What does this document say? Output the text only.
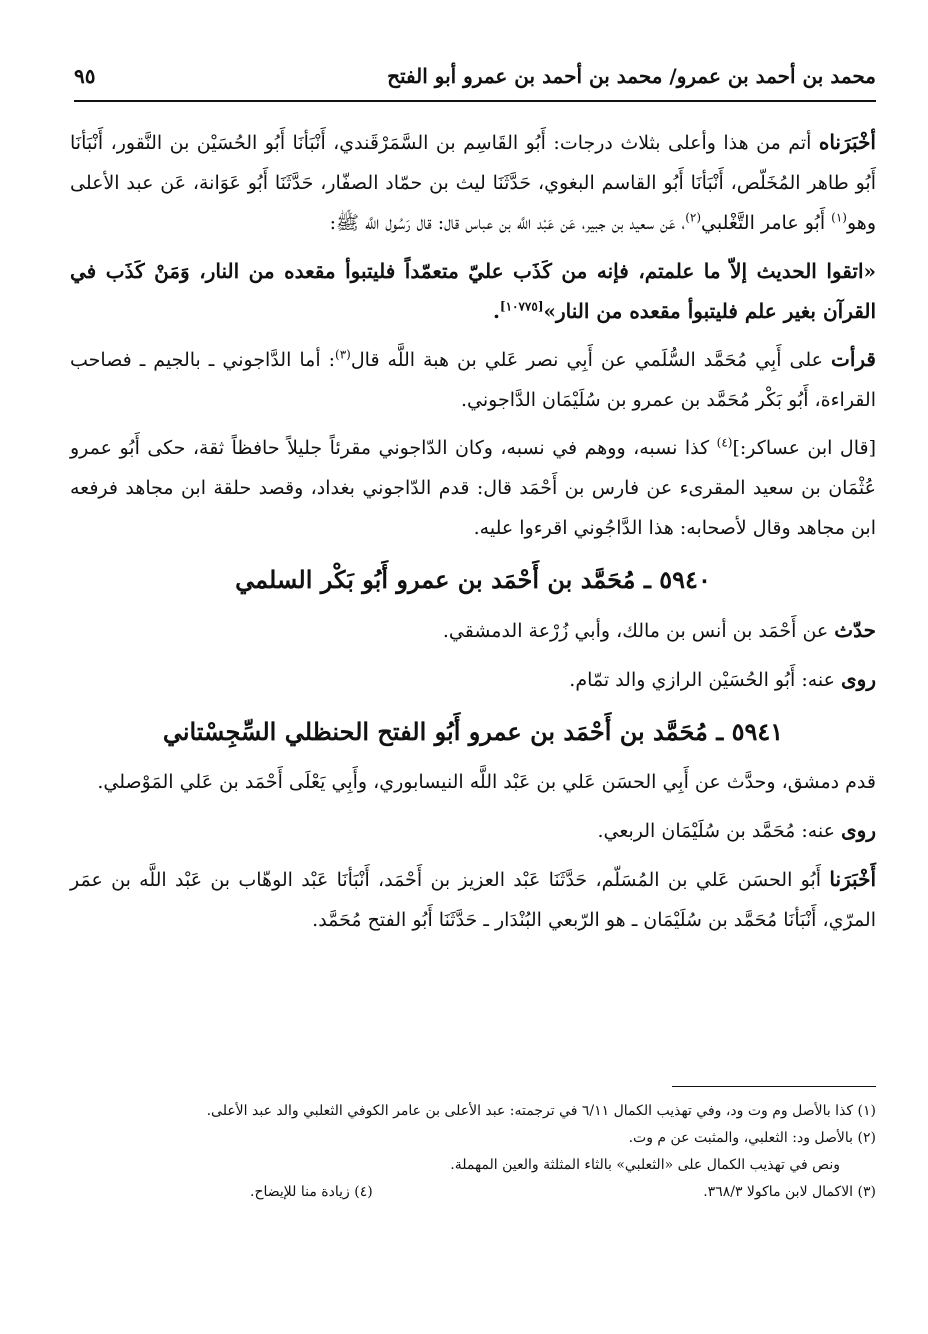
محمد بن أحمد بن عمرو/ محمد بن أحمد بن عمرو أبو الفتح
٩٥

أخْبَرَناه أتم من هذا وأعلى بثلاث درجات: أَبُو القَاسِم بن السَّمَرْقَندي، أَنْبَأنَا أَبُو الحُسَيْن بن النَّقور، أَنْبَأنَا أَبُو طاهر المُخَلّص، أَنْبَأنَا أَبُو القاسم البغوي، حَدَّثَنَا ليث بن حمّاد الصفّار، حَدَّثَنَا أَبُو عَوَانة، عَن عبد الأعلى وهو$^{(١)}$ أَبُو عامر التَّغْلبي$^{(٢)}$، عَن سعيد بن جبير، عَن عَبْد اللَّه بن عباس قال: قال رَسُول اللَّه ﷺ:

«اتقوا الحديث إلاّ ما علمتم، فإنه من كَذَب عليّ متعمّداً فليتبوأ مقعده من النار، وَمَنْ كَذَب في القرآن بغير علم فليتبوأ مقعده من النار»[١٠٧٧٥].

قرأت على أَبِي مُحَمَّد السُّلَمي عن أَبِي نصر عَلي بن هبة اللَّه قال$^{(٣)}$: أما الدَّاجوني ـ بالجيم ـ فصاحب القراءة، أَبُو بَكْر مُحَمَّد بن عمرو بن سُلَيْمَان الدَّاجوني.

[قال ابن عساكر:]$^{(٤)}$ كذا نسبه، ووهم في نسبه، وكان الدّاجوني مقرئاً جليلاً حافظاً ثقة، حكى أَبُو عمرو عُثْمَان بن سعيد المقرىء عن فارس بن أَحْمَد قال: قدم الدّاجوني بغداد، وقصد حلقة ابن مجاهد فرفعه ابن مجاهد وقال لأصحابه: هذا الدَّاجُوني اقرءوا عليه.

٥٩٤٠ ـ مُحَمَّد بن أَحْمَد بن عمرو أَبُو بَكْر السلمي

حدّث عن أَحْمَد بن أنس بن مالك، وأبي زُرْعة الدمشقي.

روى عنه: أَبُو الحُسَيْن الرازي والد تمّام.

٥٩٤١ ـ مُحَمَّد بن أَحْمَد بن عمرو أَبُو الفتح الحنظلي السِّجِسْتاني

قدم دمشق، وحدَّث عن أَبِي الحسَن عَلي بن عَبْد اللَّه النيسابوري، وأَبِي يَعْلَى أَحْمَد بن عَلي المَوْصلي.

روى عنه: مُحَمَّد بن سُلَيْمَان الربعي.

أَخْبَرَنا أَبُو الحسَن عَلي بن المُسَلّم، حَدَّثَنَا عَبْد العزيز بن أَحْمَد، أَنْبَأنَا عَبْد الوهّاب بن عَبْد اللَّه بن عمَر المرّي، أَنْبَأنَا مُحَمَّد بن سُلَيْمَان ـ هو الرّبعي البُنْدَار ـ حَدَّثَنَا أَبُو الفتح مُحَمَّد.

(١) كذا بالأصل وم وت ود، وفي تهذيب الكمال ٦/١١ في ترجمته: عبد الأعلى بن عامر الكوفي الثعلبي والد عبد الأعلى.

(٢) بالأصل ود: الثعلبي، والمثبت عن م وت.

ونص في تهذيب الكمال على «الثعلبي» بالثاء المثلثة والعين المهملة.

(٣) الاكمال لابن ماكولا ٣٦٨/٣.

(٤) زيادة منا للإيضاح.
